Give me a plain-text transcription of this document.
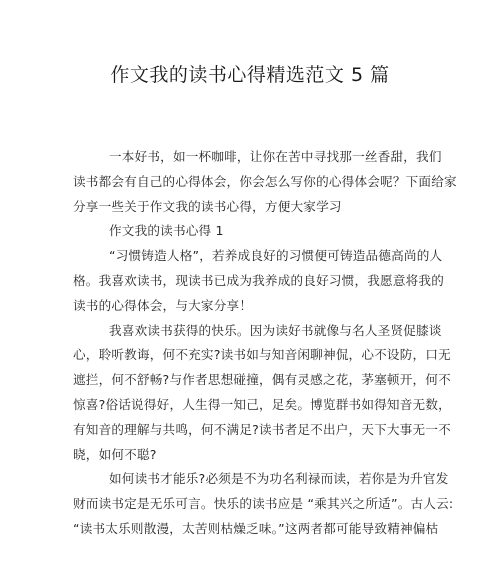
作文我的读书心得精选范文 5 篇
一本好书，如一杯咖啡，让你在苦中寻找那一丝香甜，我们
读书都会有自己的心得体会，你会怎么写你的心得体会呢？下面给家
分享一些关于作文我的读书心得，方便大家学习
作文我的读书心得 1
“习惯铸造人格”，若养成良好的习惯便可铸造品德高尚的人
格。我喜欢读书，现读书已成为我养成的良好习惯，我愿意将我的
读书的心得体会，与大家分享！
我喜欢读书获得的快乐。因为读好书就像与名人圣贤促膝谈
心，聆听教诲，何不充实?读书如与知音闲聊神侃，心不设防，口无
遮拦，何不舒畅?与作者思想碰撞，偶有灵感之花，茅塞顿开，何不
惊喜?俗话说得好，人生得一知己，足矣。博览群书如得知音无数，
有知音的理解与共鸣，何不满足?读书者足不出户，天下大事无一不
晓，如何不聪?
如何读书才能乐?必须是不为功名利禄而读，若你是为升官发
财而读书定是无乐可言。快乐的读书应是 “乘其兴之所适”。古人云:
“读书太乐则散漫，太苦则枯燥乏味。”这两者都可能导致精神偏枯
